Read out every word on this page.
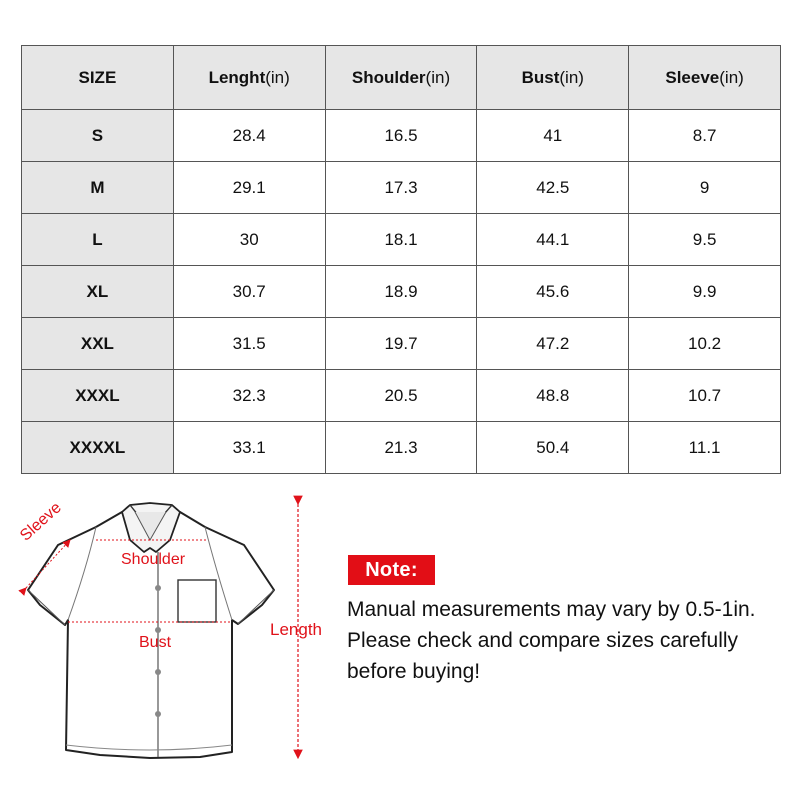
SIZE	Lenght(in)	Shoulder(in)	Bust(in)	Sleeve(in)
S	28.4	16.5	41	8.7
M	29.1	17.3	42.5	9
L	30	18.1	44.1	9.5
XL	30.7	18.9	45.6	9.9
XXL	31.5	19.7	47.2	10.2
XXXL	32.3	20.5	48.8	10.7
XXXXL	33.1	21.3	50.4	11.1
Sleeve
Shoulder
Bust
Length
Note:
Manual measurements may vary by 0.5-1in.
Please check and compare sizes carefully
before buying!
